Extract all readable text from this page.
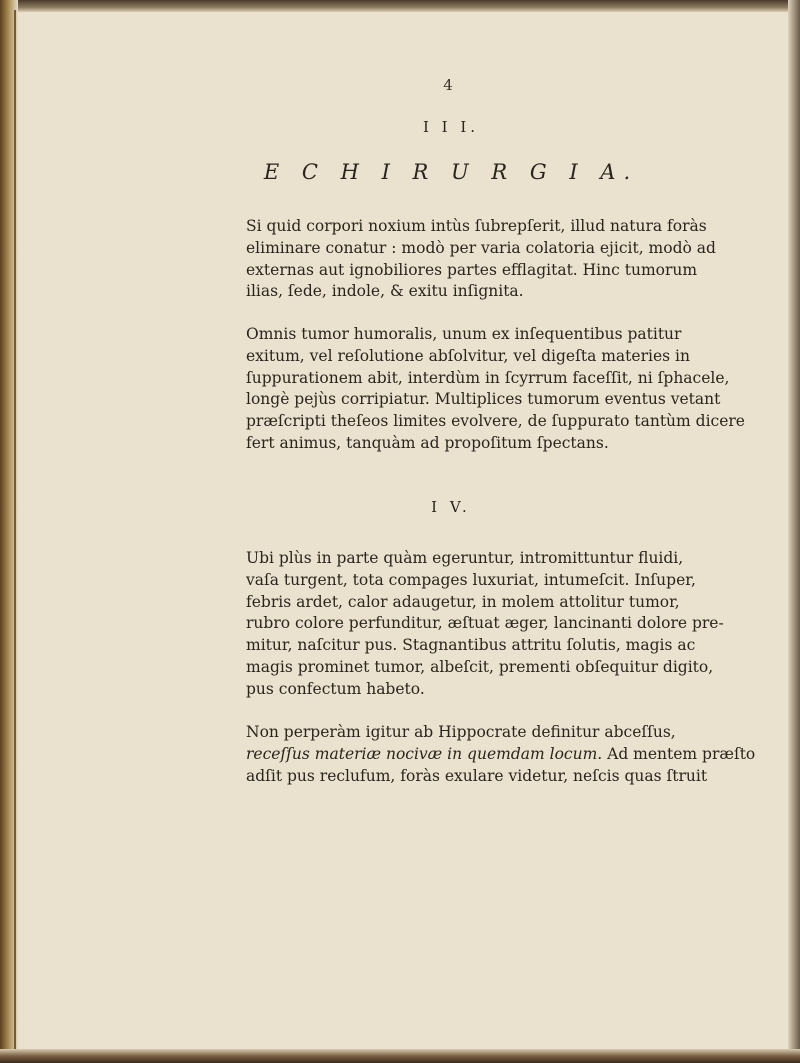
4
I I I.
E C H I R U R G I A.

Si quid corpori noxium intùs ſubrepſerit, illud natura foràs
eliminare conatur : modò per varia colatoria ejicit, modò ad
externas aut ignobiliores partes efflagitat. Hinc tumorum
ilias, ſede, indole, & exitu inſignita.

Omnis tumor humoralis, unum ex inſequentibus patitur
exitum, vel reſolutione abſolvitur, vel digeſta materies in
ſuppurationem abit, interdùm in ſcyrrum faceſſit, ni ſphacele,
longè pejùs corripiatur. Multiplices tumorum eventus vetant
præſcripti theſeos limites evolvere, de ſuppurato tantùm dicere
fert animus, tanquàm ad propoſitum ſpectans.

I V.

Ubi plùs in parte quàm egeruntur, intromittuntur fluidi,
vaſa turgent, tota compages luxuriat, intumeſcit. Inſuper,
febris ardet, calor adaugetur, in molem attolitur tumor,
rubro colore perfunditur, æſtuat æger, lancinanti dolore pre-
mitur, naſcitur pus. Stagnantibus attritu ſolutis, magis ac
magis prominet tumor, albeſcit, prementi obſequitur digito,
pus confectum habeto.

Non perperàm igitur ab Hippocrate definitur abceſſus,
receſſus materiæ nocivæ in quemdam locum. Ad mentem præſto
adſit pus reclufum, foràs exulare videtur, neſcis quas ſtruit
